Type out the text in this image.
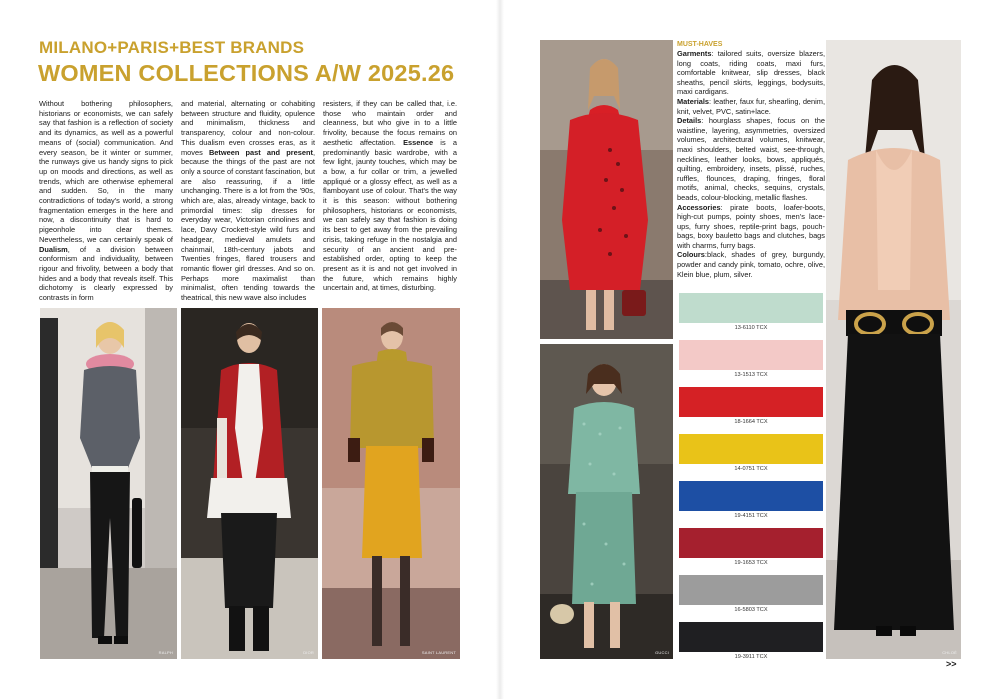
MILANO+PARIS+BEST BRANDS
WOMEN COLLECTIONS A/W 2025.26
Without bothering philosophers, historians or economists, we can safely say that fashion is a reflection of society and its dynamics, as well as a powerful means of (social) communication. And every season, be it winter or summer, the runways give us handy signs to pick up on moods and directions, as well as trends, which are otherwise ephemeral and sudden. So, in the many contradictions of today's world, a strong fragmentation emerges in the here and now, a discontinuity that is hard to pigeonhole into clear themes. Nevertheless, we can certainly speak of Dualism, of a division between conformism and individuality, between rigour and frivolity, between a body that hides and a body that reveals itself. This dichotomy is clearly expressed by contrasts in form
and material, alternating or cohabiting between structure and fluidity, opulence and minimalism, thickness and transparency, colour and non-colour. This dualism even crosses eras, as it moves Between past and present, because the things of the past are not only a source of constant fascination, but are also reassuring, if a little unchanging. There is a lot from the '90s, which are, alas, already vintage, back to primordial times: slip dresses for everyday wear, Victorian crinolines and lace, Davy Crockett-style wild furs and headgear, medieval amulets and chainmail, 18th-century jabots and Twenties fringes, flared trousers and romantic flower girl dresses. And so on. Perhaps more maximalist than minimalist, often tending towards the theatrical, this new wave also includes
resisters, if they can be called that, i.e. those who maintain order and cleanness, but who give in to a little frivolity, because the focus remains on aesthetic affectation. Essence is a predominantly basic wardrobe, with a few light, jaunty touches, which may be a bow, a fur collar or trim, a jewelled appliqué or a glossy effect, as well as a flamboyant use of colour. That's the way it is this season: without bothering philosophers, historians or economists, we can safely say that fashion is doing its best to get away from the prevailing crisis, taking refuge in the nostalgia and security of an ancient and pre-established order, opting to keep the present as it is and not get involved in the future, which remains highly uncertain and, at times, disturbing.
RALPH	DIOR	SAINT LAURENT	GUCCI	CHLOÉ
MUST-HAVES
Garments: tailored suits, oversize blazers, long coats, riding coats, maxi furs, comfortable knitwear, slip dresses, black sheaths, pencil skirts, leggings, bodysuits, maxi cardigans.
Materials: leather, faux fur, shearling, denim, knit, velvet, PVC, satin+lace.
Details: hourglass shapes, focus on the waistline, layering, asymmetries, oversized volumes, architectural volumes, knitwear, maxi shoulders, belted waist, see-through, necklines, leather looks, bows, appliqués, quilting, embroidery, insets, plissé, ruches, ruffles, flounces, draping, fringes, floral motifs, animal, checks, sequins, crystals, beads, colour-blocking, metallic flashes.
Accessories: pirate boots, loafer-boots, high-cut pumps, pointy shoes, men's lace-ups, furry shoes, reptile-print bags, pouch-bags, boxy bauletto bags and clutches, bags with charms, furry bags.
Colours:black, shades of grey, burgundy, powder and candy pink, tomato, ochre, olive, Klein blue, plum, silver.
13-6110 TCX
13-1513 TCX
18-1664 TCX
14-0751 TCX
19-4151 TCX
19-1653 TCX
16-5803 TCX
19-3911 TCX
>>
